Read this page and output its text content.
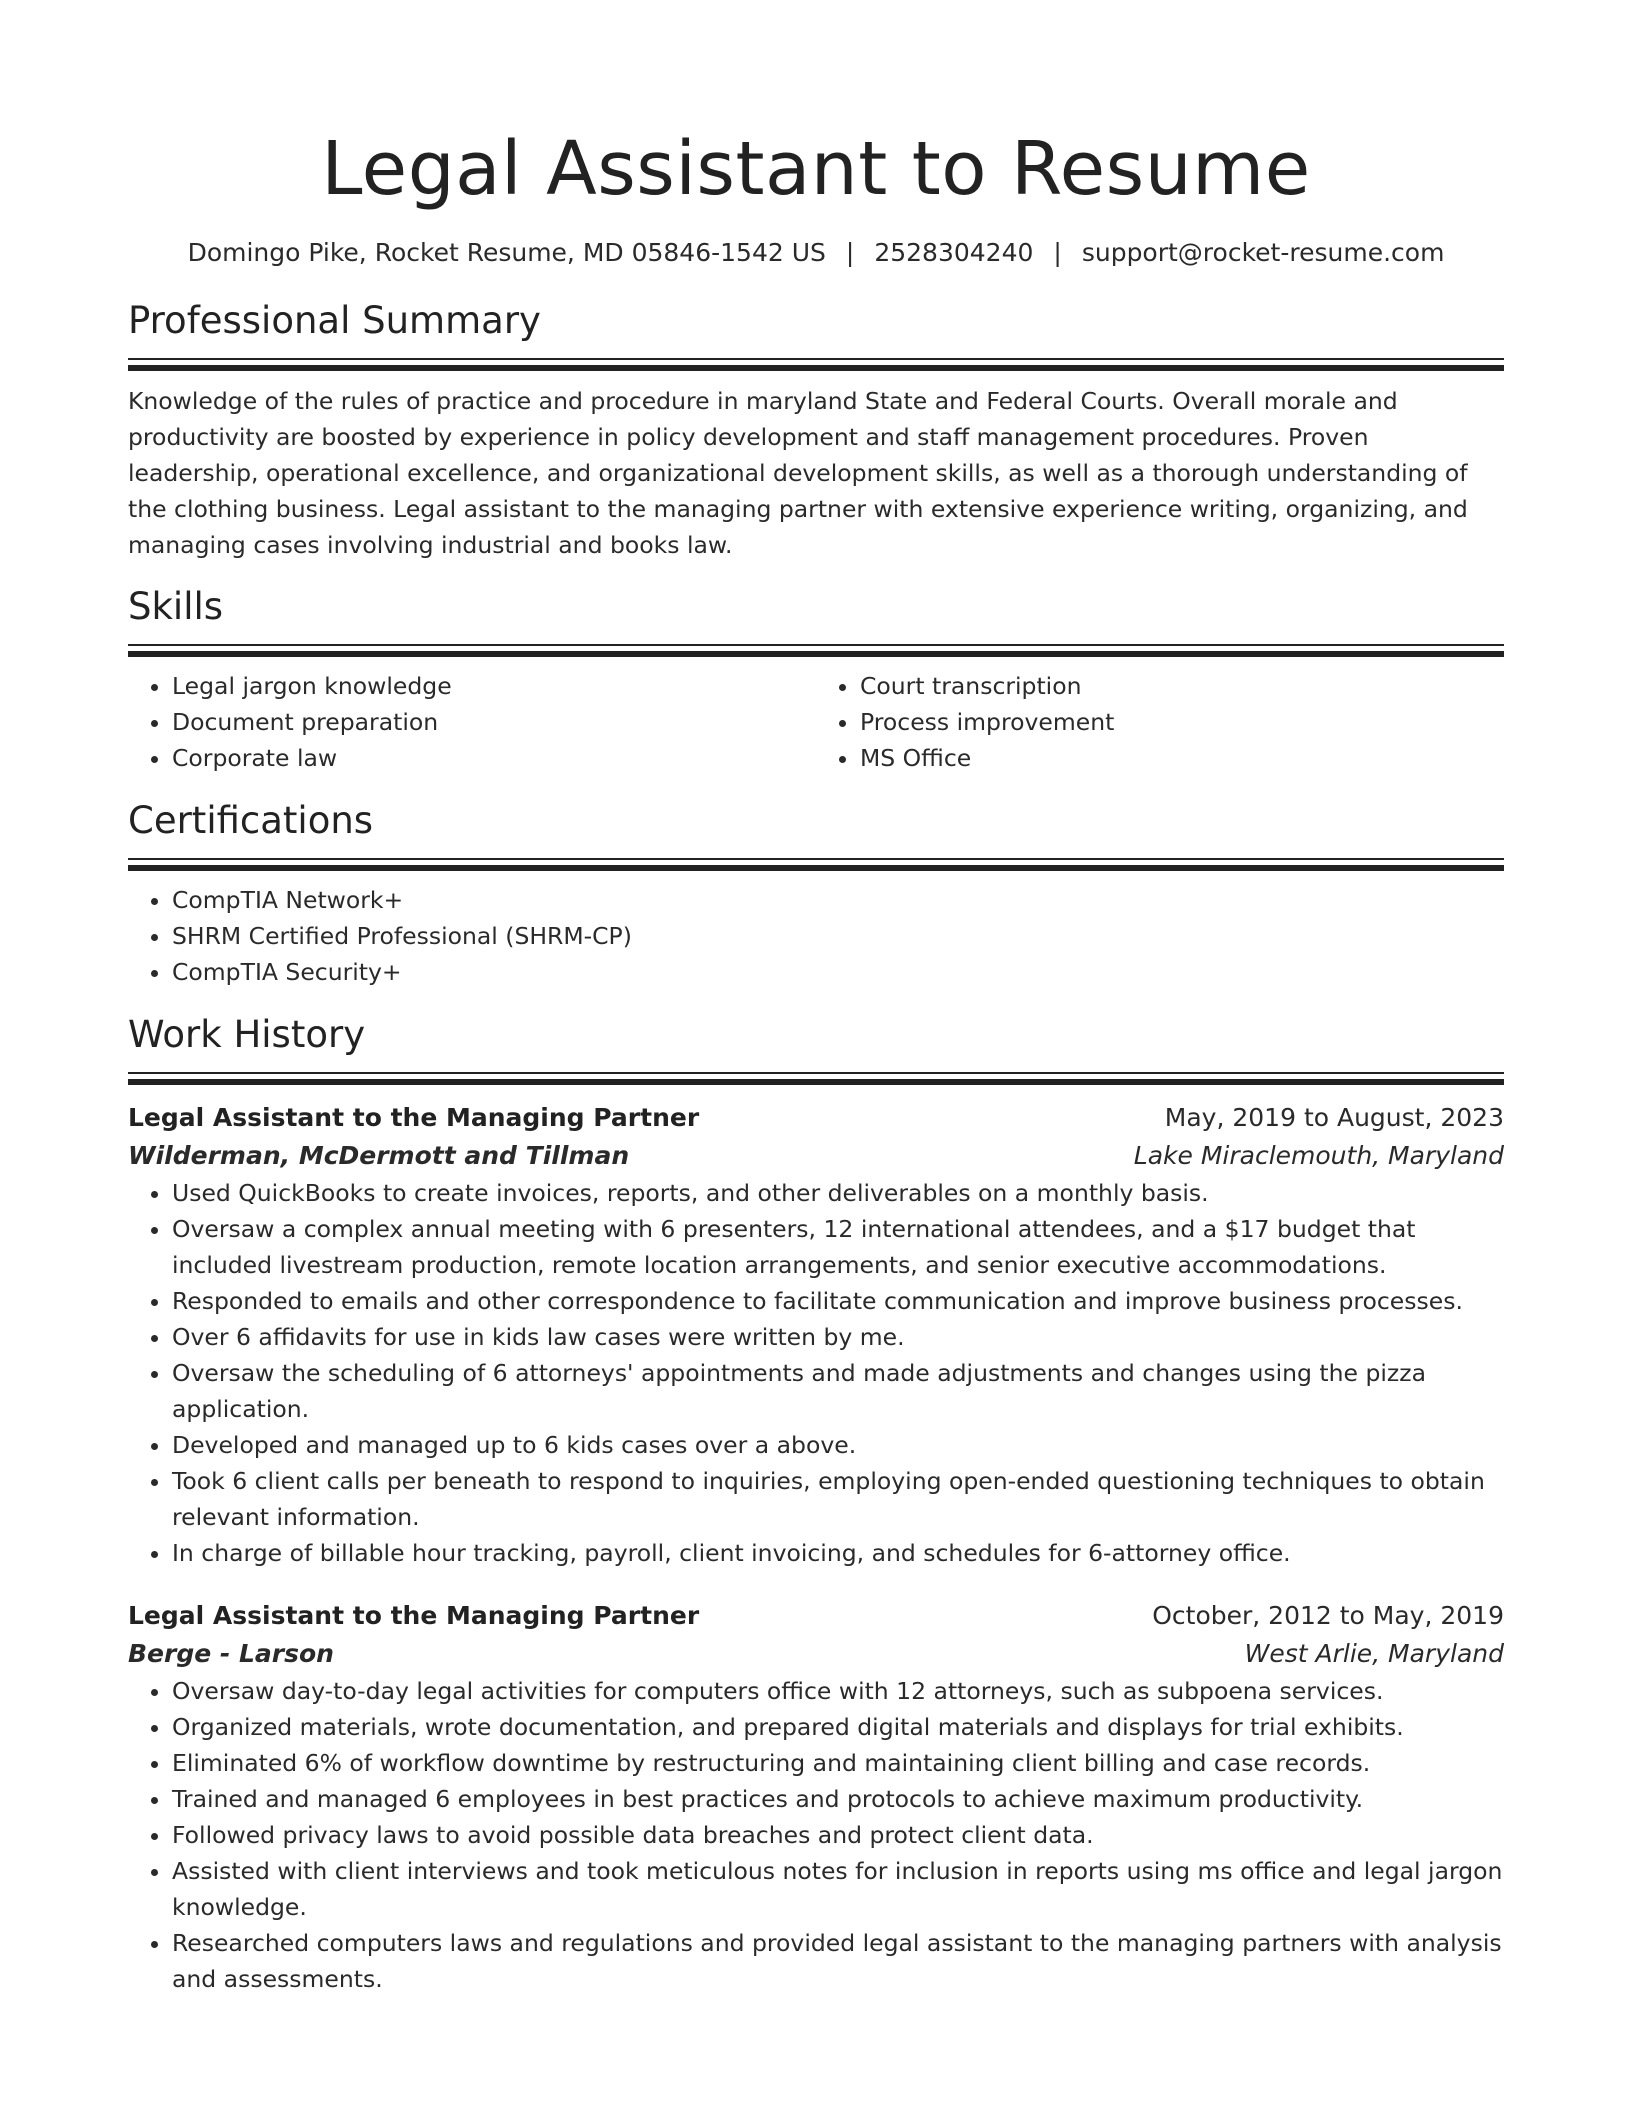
Legal Assistant to Resume
Domingo Pike, Rocket Resume, MD 05846-1542 US | 2528304240 | support@rocket-resume.com
Professional Summary

Knowledge of the rules of practice and procedure in maryland State and Federal Courts. Overall morale and productivity are boosted by experience in policy development and staff management procedures. Proven leadership, operational excellence, and organizational development skills, as well as a thorough understanding of the clothing business. Legal assistant to the managing partner with extensive experience writing, organizing, and managing cases involving industrial and books law.

Skills
• Legal jargon knowledge
• Document preparation
• Corporate law
• Court transcription
• Process improvement
• MS Office
Certifications
• CompTIA Network+
• SHRM Certified Professional (SHRM-CP)
• CompTIA Security+
Work History
Legal Assistant to the Managing Partner	May, 2019 to August, 2023
Wilderman, McDermott and Tillman	Lake Miraclemouth, Maryland
• Used QuickBooks to create invoices, reports, and other deliverables on a monthly basis.
• Oversaw a complex annual meeting with 6 presenters, 12 international attendees, and a $17 budget that included livestream production, remote location arrangements, and senior executive accommodations.
• Responded to emails and other correspondence to facilitate communication and improve business processes.
• Over 6 affidavits for use in kids law cases were written by me.
• Oversaw the scheduling of 6 attorneys' appointments and made adjustments and changes using the pizza application.
• Developed and managed up to 6 kids cases over a above.
• Took 6 client calls per beneath to respond to inquiries, employing open-ended questioning techniques to obtain relevant information.
• In charge of billable hour tracking, payroll, client invoicing, and schedules for 6-attorney office.
Legal Assistant to the Managing Partner	October, 2012 to May, 2019
Berge - Larson	West Arlie, Maryland
• Oversaw day-to-day legal activities for computers office with 12 attorneys, such as subpoena services.
• Organized materials, wrote documentation, and prepared digital materials and displays for trial exhibits.
• Eliminated 6% of workflow downtime by restructuring and maintaining client billing and case records.
• Trained and managed 6 employees in best practices and protocols to achieve maximum productivity.
• Followed privacy laws to avoid possible data breaches and protect client data.
• Assisted with client interviews and took meticulous notes for inclusion in reports using ms office and legal jargon knowledge.
• Researched computers laws and regulations and provided legal assistant to the managing partners with analysis and assessments.
